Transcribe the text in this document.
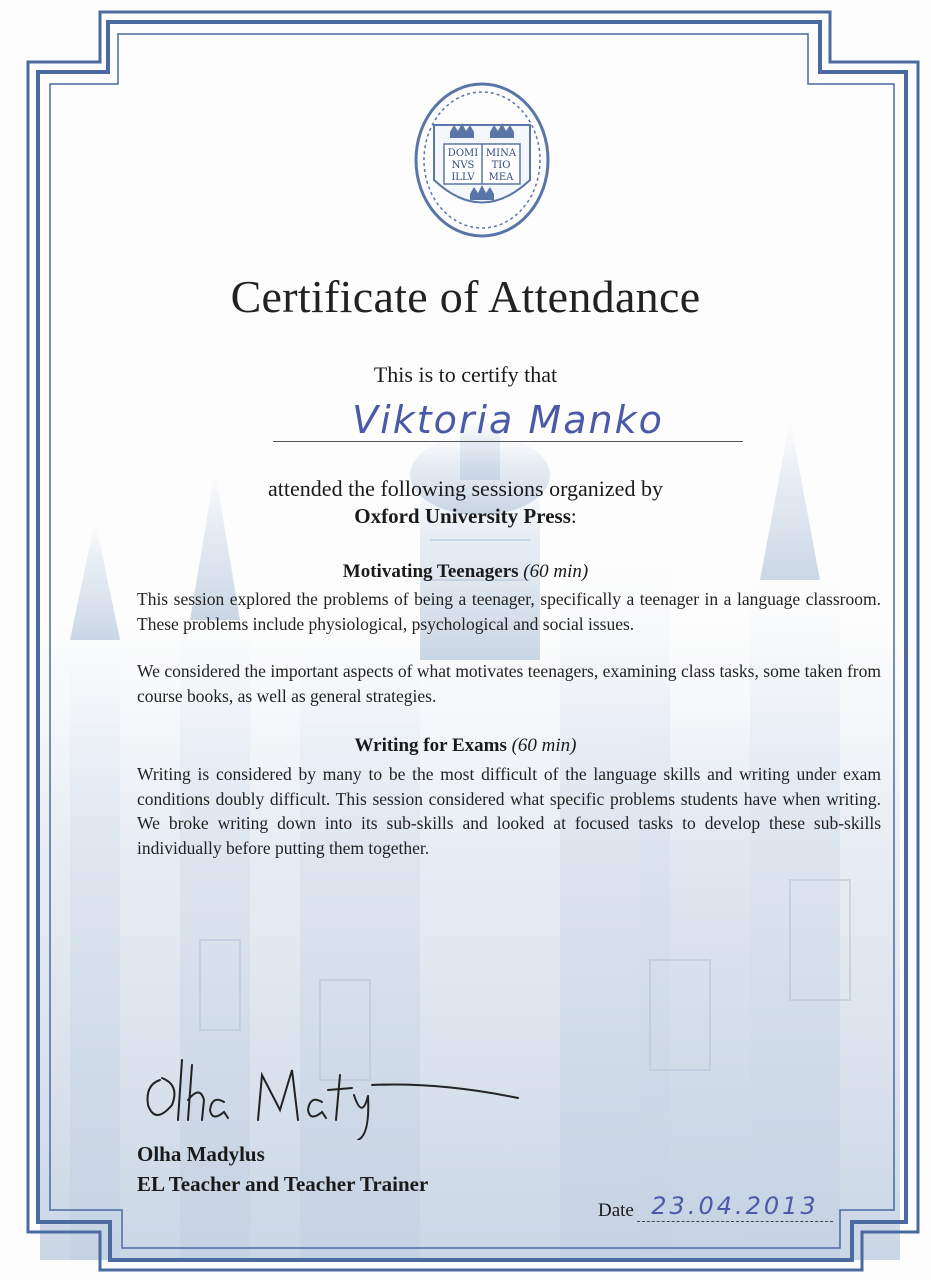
DOMI
NVS
ILLV
MINA
TIO
MEA
Certificate of Attendance
This is to certify that
Viktoria Manko
attended the following sessions organized by
Oxford University Press:
Motivating Teenagers (60 min)
This session explored the problems of being a teenager, specifically a teenager in a language classroom. These problems include physiological, psychological and social issues.
We considered the important aspects of what motivates teenagers, examining class tasks, some taken from course books, as well as general strategies.
Writing for Exams (60 min)
Writing is considered by many to be the most difficult of the language skills and writing under exam conditions doubly difficult. This session considered what specific problems students have when writing. We broke writing down into its sub-skills and looked at focused tasks to develop these sub-skills individually before putting them together.
Olha Madylus
EL Teacher and Teacher Trainer
Date 23.04.2013
